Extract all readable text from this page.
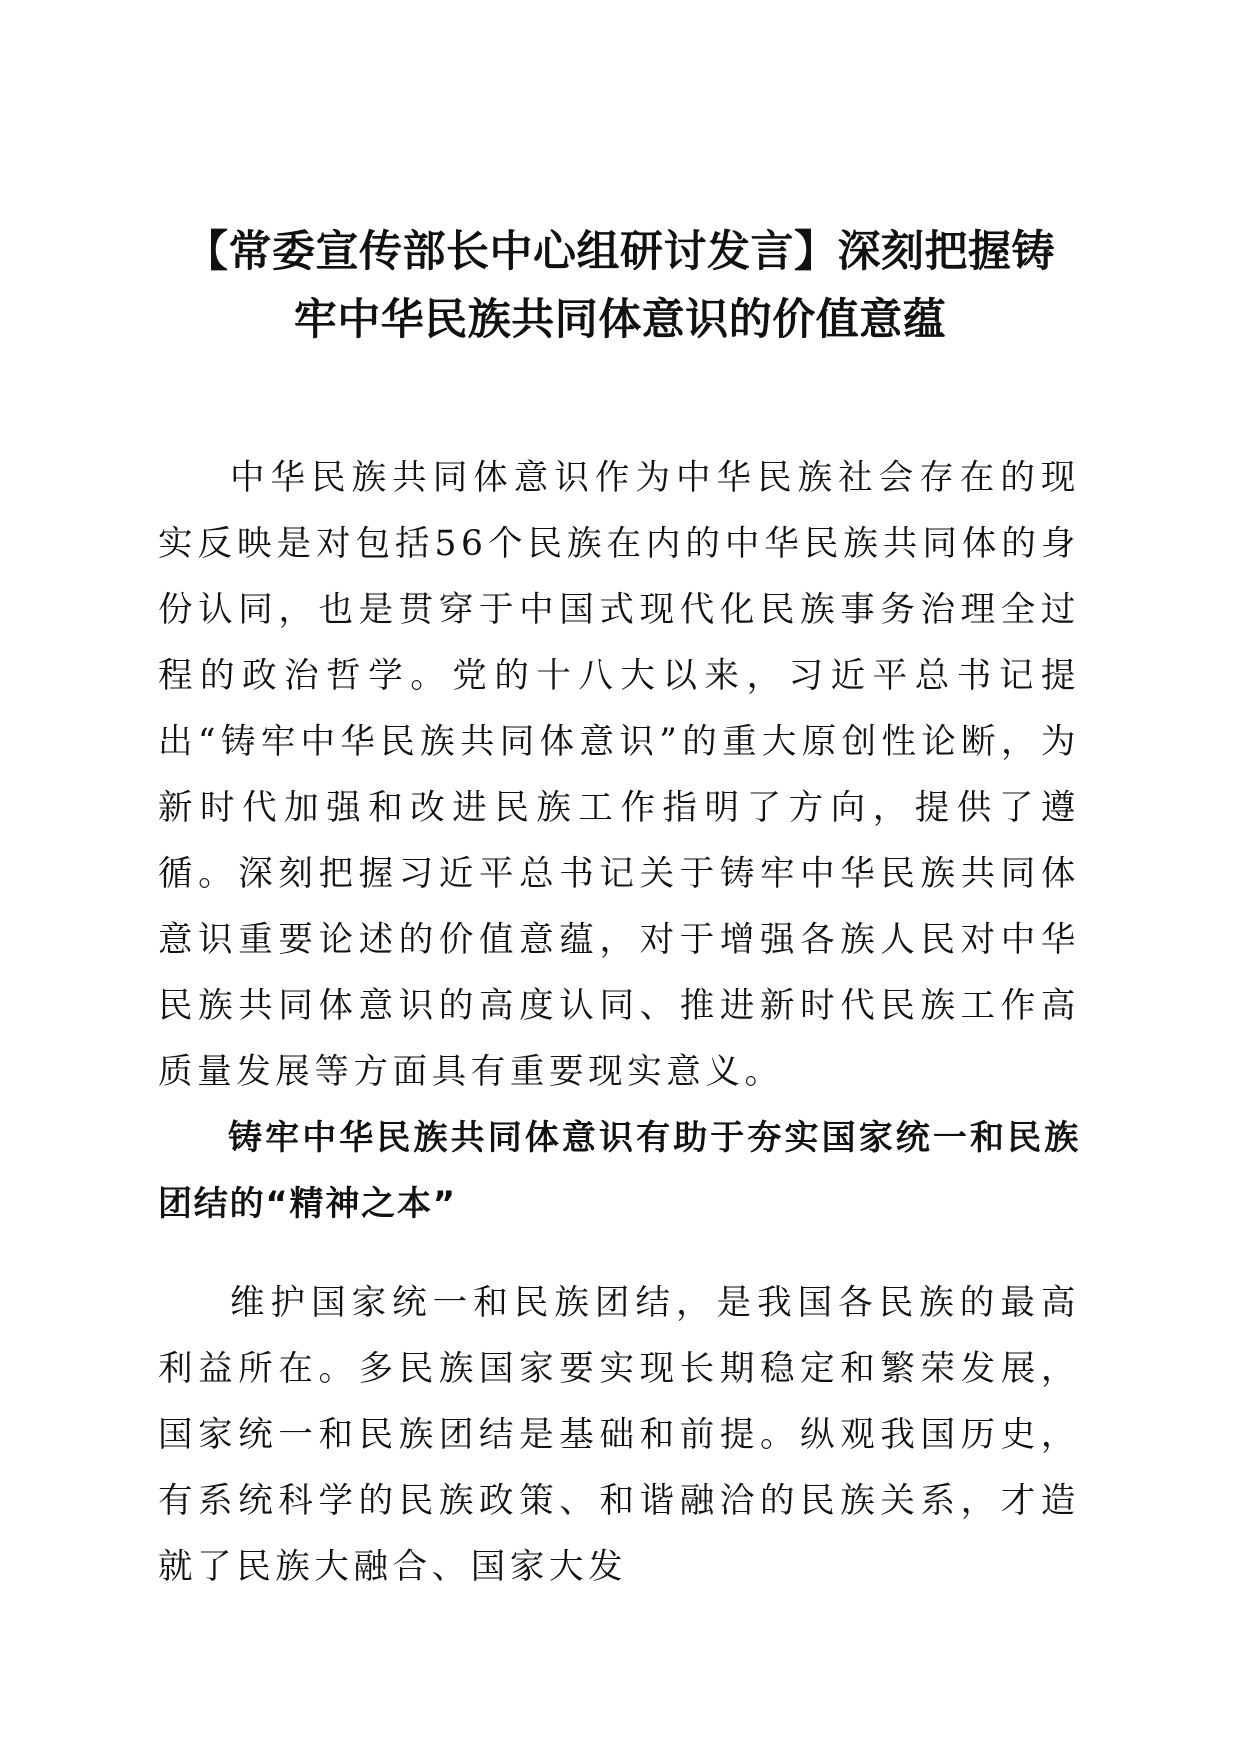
【常委宣传部长中心组研讨发言】深刻把握铸
牢中华民族共同体意识的价值意蕴

中华民族共同体意识作为中华民族社会存在的现实反映是对包括56个民族在内的中华民族共同体的身份认同，也是贯穿于中国式现代化民族事务治理全过程的政治哲学。党的十八大以来，习近平总书记提出“铸牢中华民族共同体意识”的重大原创性论断，为新时代加强和改进民族工作指明了方向，提供了遵循。深刻把握习近平总书记关于铸牢中华民族共同体意识重要论述的价值意蕴，对于增强各族人民对中华民族共同体意识的高度认同、推进新时代民族工作高质量发展等方面具有重要现实意义。

铸牢中华民族共同体意识有助于夯实国家统一和民族团结的“精神之本”

维护国家统一和民族团结，是我国各民族的最高利益所在。多民族国家要实现长期稳定和繁荣发展，国家统一和民族团结是基础和前提。纵观我国历史，有系统科学的民族政策、和谐融洽的民族关系，才造就了民族大融合、国家大发
